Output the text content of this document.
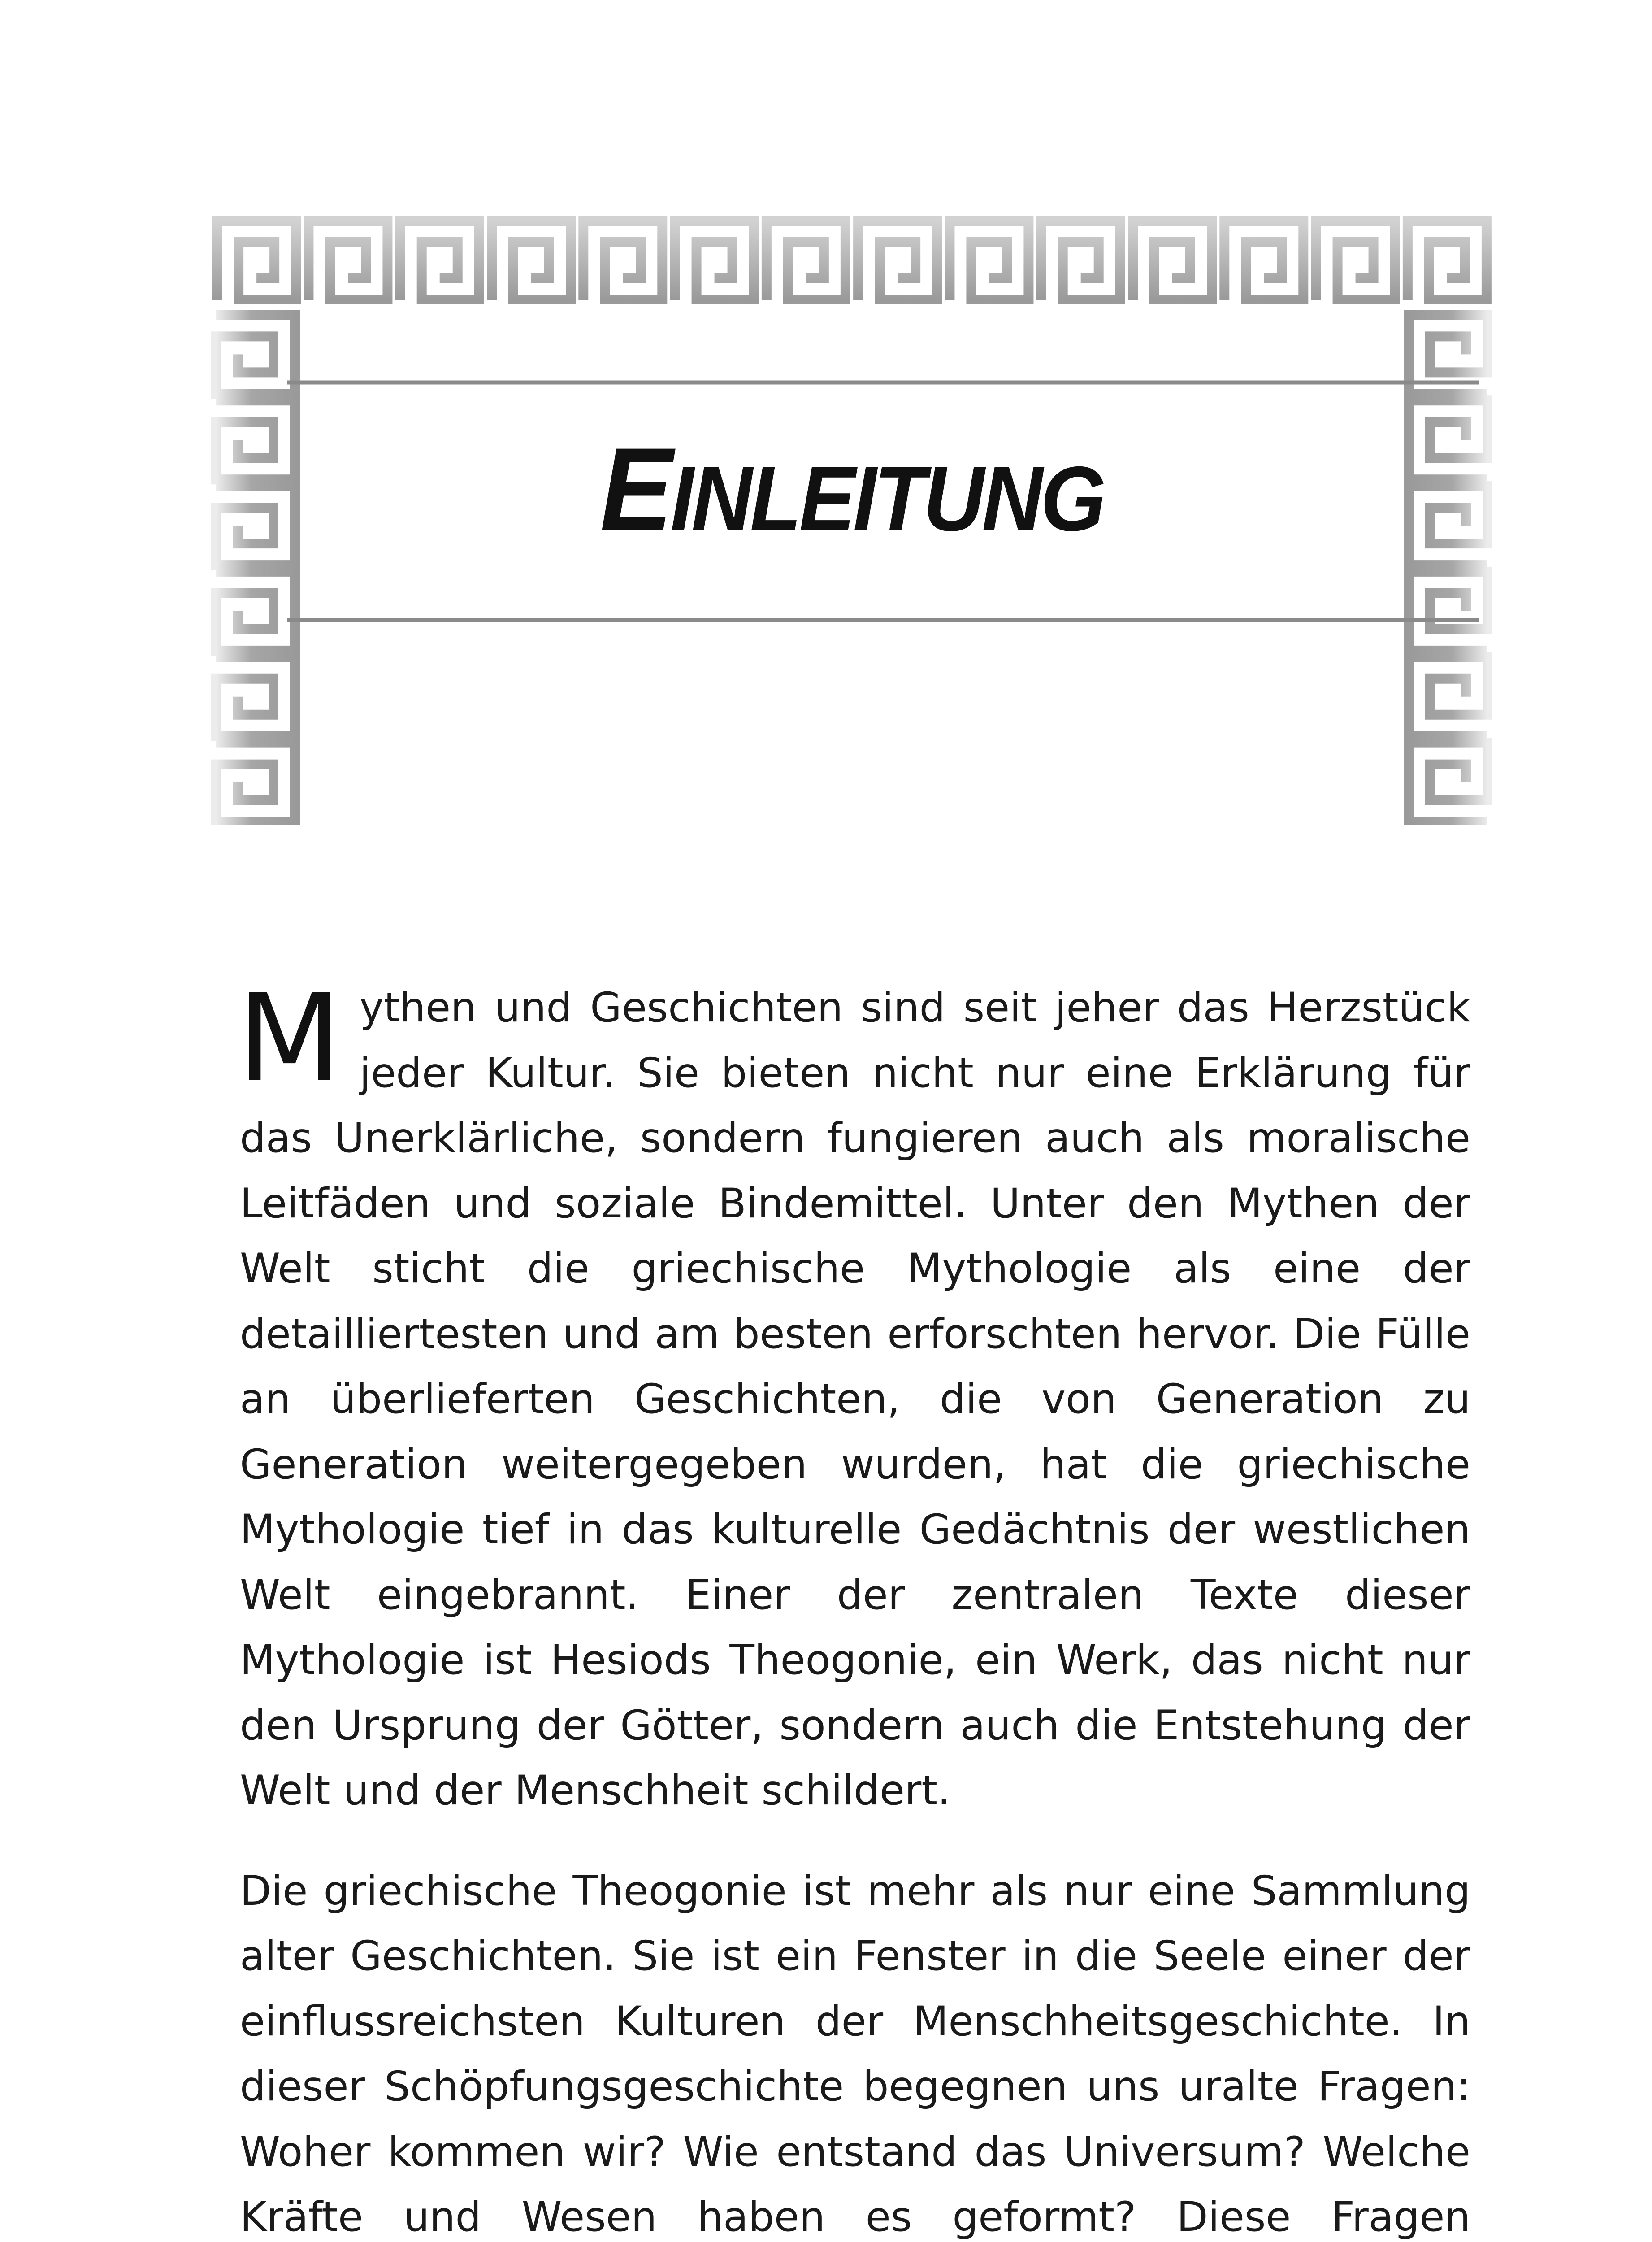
EINLEITUNG

Mythen und Geschichten sind seit jeher das Herzstück jeder Kultur. Sie bieten nicht nur eine Erklärung für das Unerklärliche, sondern fungieren auch als moralische Leitfäden und soziale Bindemittel. Unter den Mythen der Welt sticht die griechische Mythologie als eine der detailliertesten und am besten erforschten hervor. Die Fülle an überlieferten Geschichten, die von Generation zu Generation weitergegeben wurden, hat die griechische Mythologie tief in das kulturelle Gedächtnis der westlichen Welt eingebrannt. Einer der zentralen Texte dieser Mythologie ist Hesiods Theogonie, ein Werk, das nicht nur den Ursprung der Götter, sondern auch die Entstehung der Welt und der Menschheit schildert.

Die griechische Theogonie ist mehr als nur eine Sammlung alter Geschichten. Sie ist ein Fenster in die Seele einer der einflussreichsten Kulturen der Menschheitsgeschichte. In dieser Schöpfungsgeschichte begegnen uns uralte Fragen: Woher kommen wir? Wie entstand das Universum? Welche Kräfte und Wesen haben es geformt? Diese Fragen
